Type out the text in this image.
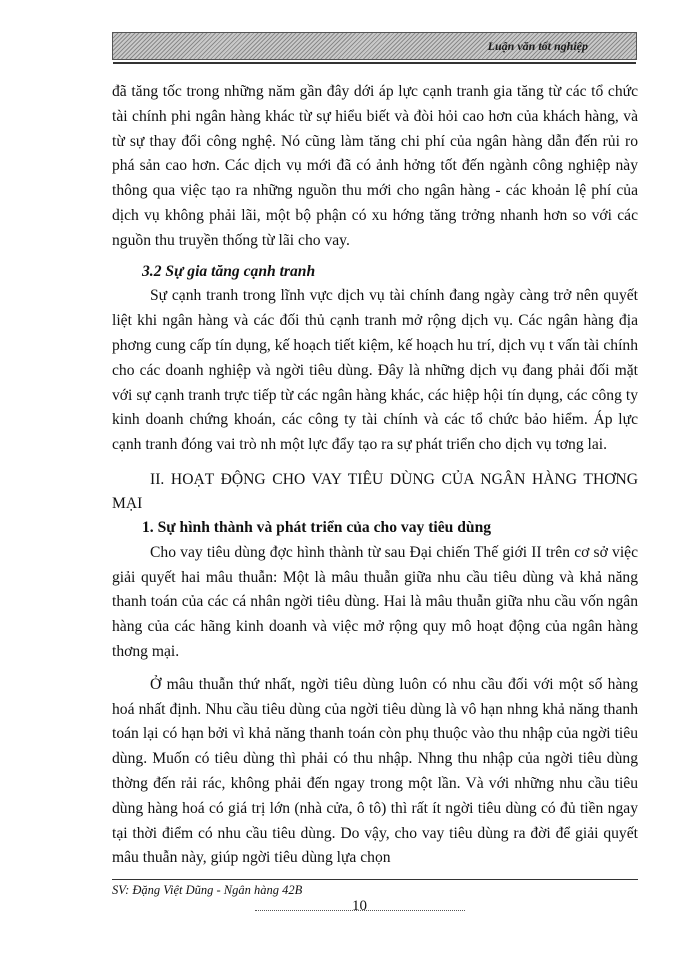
Luận văn tốt nghiệp

đã tăng tốc trong những năm gần đây dới áp lực cạnh tranh gia tăng từ các tổ chức tài chính phi ngân hàng khác từ sự hiểu biết và đòi hỏi cao hơn của khách hàng, và từ sự thay đổi công nghệ. Nó cũng làm tăng chi phí của ngân hàng dẫn đến rủi ro phá sản cao hơn. Các dịch vụ mới đã có ảnh hởng tốt đến ngành công nghiệp này thông qua việc tạo ra những nguồn thu mới cho ngân hàng - các khoản lệ phí của dịch vụ không phải lãi, một bộ phận có xu hớng tăng trởng nhanh hơn so với các nguồn thu truyền thống từ lãi cho vay.

3.2 Sự gia tăng cạnh tranh

Sự cạnh tranh trong lĩnh vực dịch vụ tài chính đang ngày càng trở nên quyết liệt khi ngân hàng và các đối thủ cạnh tranh mở rộng dịch vụ. Các ngân hàng địa phơng cung cấp tín dụng, kế hoạch tiết kiệm, kế hoạch hu trí, dịch vụ t vấn tài chính cho các doanh nghiệp và ngời tiêu dùng. Đây là những dịch vụ đang phải đối mặt với sự cạnh tranh trực tiếp từ các ngân hàng khác, các hiệp hội tín dụng, các công ty kinh doanh chứng khoán, các công ty tài chính và các tổ chức bảo hiểm. Áp lực cạnh tranh đóng vai trò nh một lực đẩy tạo ra sự phát triển cho dịch vụ tơng lai.

II. HOẠT ĐỘNG CHO VAY TIÊU DÙNG CỦA NGÂN HÀNG THƠNG MẠI

1. Sự hình thành và phát triển của cho vay tiêu dùng

Cho vay tiêu dùng đợc hình thành từ sau Đại chiến Thế giới II trên cơ sở việc giải quyết hai mâu thuẫn: Một là mâu thuẫn giữa nhu cầu tiêu dùng và khả năng thanh toán của các cá nhân ngời tiêu dùng. Hai là mâu thuẫn giữa nhu cầu vốn ngân hàng của các hãng kinh doanh và việc mở rộng quy mô hoạt động của ngân hàng thơng mại.

Ở mâu thuẫn thứ nhất, ngời tiêu dùng luôn có nhu cầu đối với một số hàng hoá nhất định. Nhu cầu tiêu dùng của ngời tiêu dùng là vô hạn nhng khả năng thanh toán lại có hạn bởi vì khả năng thanh toán còn phụ thuộc vào thu nhập của ngời tiêu dùng. Muốn có tiêu dùng thì phải có thu nhập. Nhng thu nhập của ngời tiêu dùng thờng đến rải rác, không phải đến ngay trong một lần. Và với những nhu cầu tiêu dùng hàng hoá có giá trị lớn (nhà cửa, ô tô) thì rất ít ngời tiêu dùng có đủ tiền ngay tại thời điểm có nhu cầu tiêu dùng. Do vậy, cho vay tiêu dùng ra đời để giải quyết mâu thuẫn này, giúp ngời tiêu dùng lựa chọn

SV: Đặng Việt Dũng - Ngân hàng 42B
10
